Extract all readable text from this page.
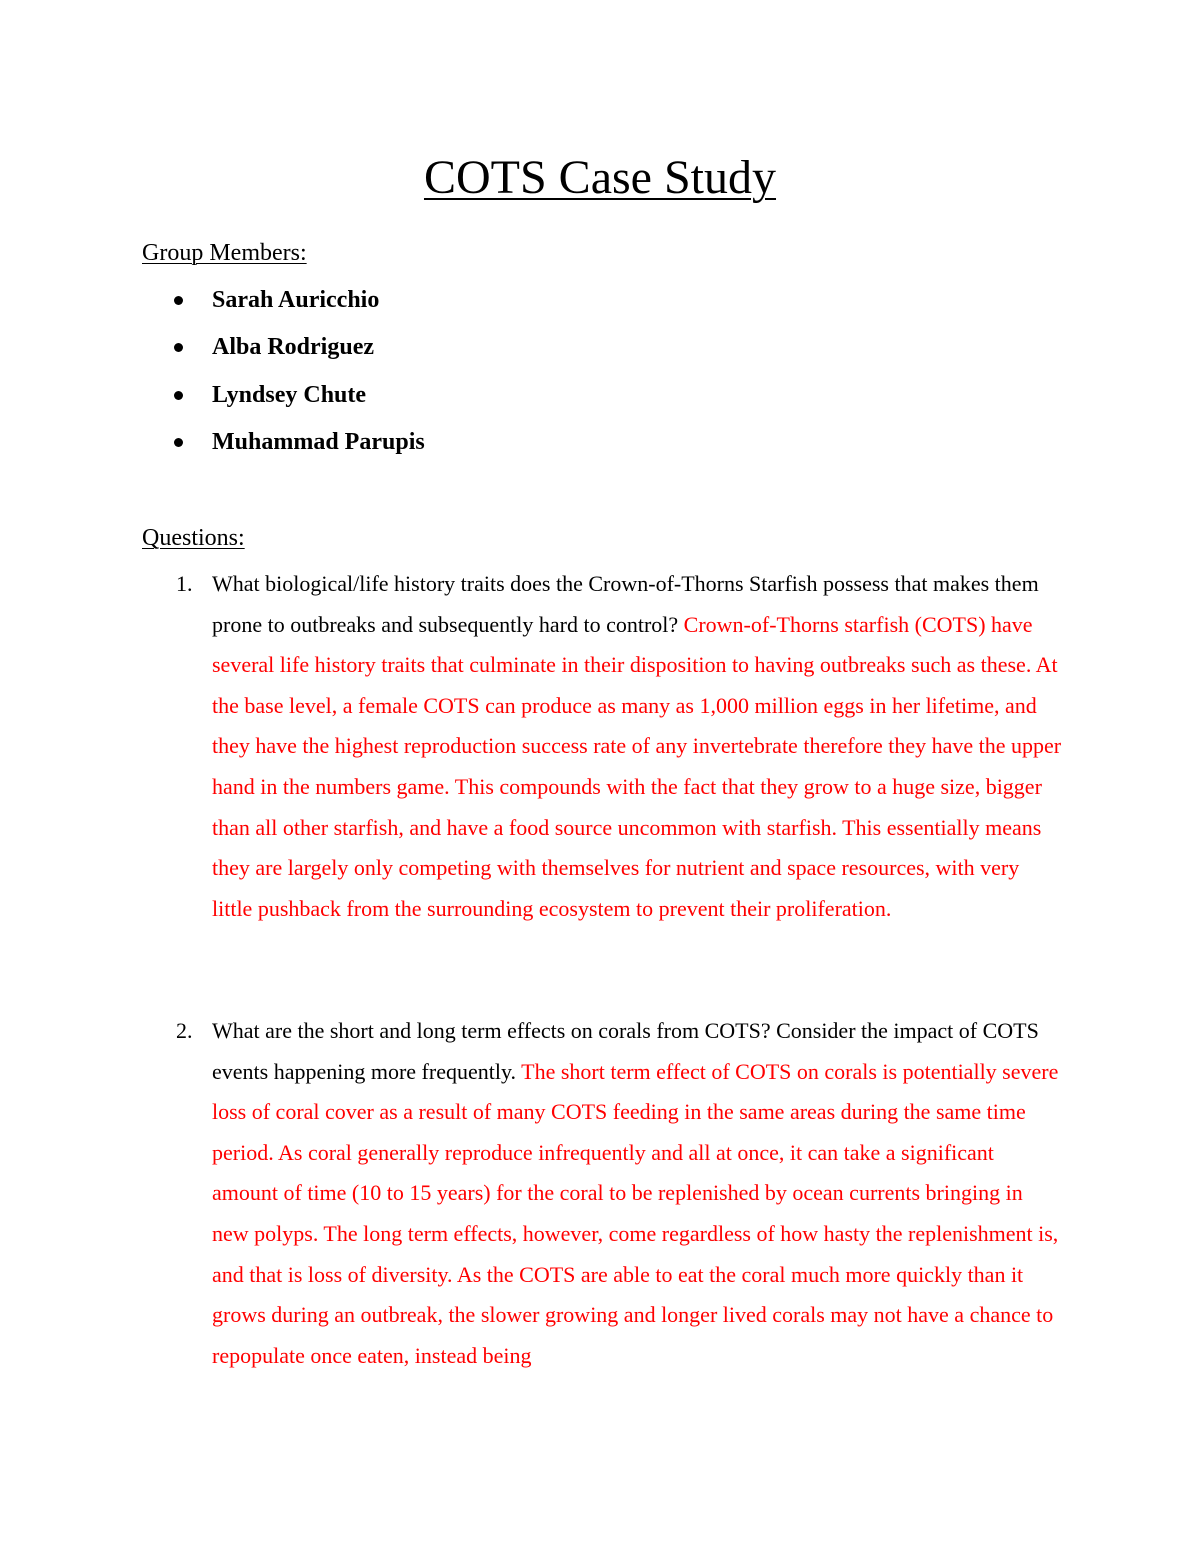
COTS Case Study
Group Members:
Sarah Auricchio
Alba Rodriguez
Lyndsey Chute
Muhammad Parupis
Questions:
1. What biological/life history traits does the Crown-of-Thorns Starfish possess that makes them prone to outbreaks and subsequently hard to control? Crown-of-Thorns starfish (COTS) have several life history traits that culminate in their disposition to having outbreaks such as these. At the base level, a female COTS can produce as many as 1,000 million eggs in her lifetime, and they have the highest reproduction success rate of any invertebrate therefore they have the upper hand in the numbers game. This compounds with the fact that they grow to a huge size, bigger than all other starfish, and have a food source uncommon with starfish. This essentially means they are largely only competing with themselves for nutrient and space resources, with very little pushback from the surrounding ecosystem to prevent their proliferation.

2. What are the short and long term effects on corals from COTS? Consider the impact of COTS events happening more frequently. The short term effect of COTS on corals is potentially severe loss of coral cover as a result of many COTS feeding in the same areas during the same time period. As coral generally reproduce infrequently and all at once, it can take a significant amount of time (10 to 15 years) for the coral to be replenished by ocean currents bringing in new polyps. The long term effects, however, come regardless of how hasty the replenishment is, and that is loss of diversity. As the COTS are able to eat the coral much more quickly than it grows during an outbreak, the slower growing and longer lived corals may not have a chance to repopulate once eaten, instead being
